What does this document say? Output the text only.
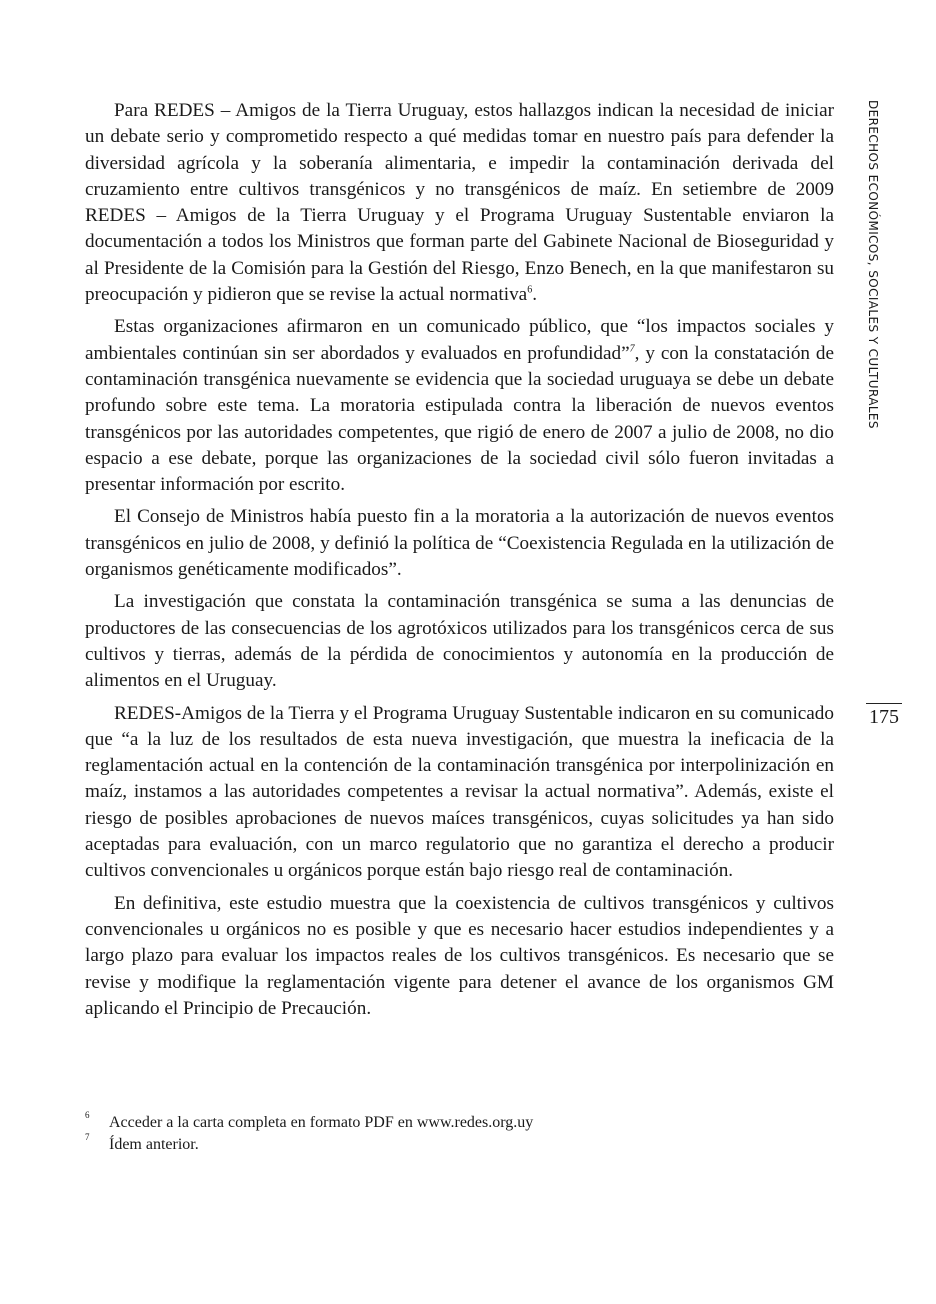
Para REDES – Amigos de la Tierra Uruguay, estos hallazgos indican la necesidad de iniciar un debate serio y comprometido respecto a qué medidas tomar en nuestro país para defender la diversidad agrícola y la soberanía alimentaria, e impedir la contaminación derivada del cruzamiento entre cultivos transgénicos y no transgénicos de maíz. En setiembre de 2009 REDES – Amigos de la Tierra Uruguay y el Programa Uruguay Sustentable enviaron la documentación a todos los Ministros que forman parte del Gabinete Nacional de Bioseguridad y al Presidente de la Comisión para la Gestión del Riesgo, Enzo Benech, en la que manifestaron su preocupación y pidieron que se revise la actual normativa$^6$.

Estas organizaciones afirmaron en un comunicado público, que “los impactos sociales y ambientales continúan sin ser abordados y evaluados en profundidad”$^7$, y con la constatación de contaminación transgénica nuevamente se evidencia que la sociedad uruguaya se debe un debate profundo sobre este tema. La moratoria estipulada contra la liberación de nuevos eventos transgénicos por las autoridades competentes, que rigió de enero de 2007 a julio de 2008, no dio espacio a ese debate, porque las organizaciones de la sociedad civil sólo fueron invitadas a presentar información por escrito.

El Consejo de Ministros había puesto fin a la moratoria a la autorización de nuevos eventos transgénicos en julio de 2008, y definió la política de “Coexistencia Regulada en la utilización de organismos genéticamente modificados”.

La investigación que constata la contaminación transgénica se suma a las denuncias de productores de las consecuencias de los agrotóxicos utilizados para los transgénicos cerca de sus cultivos y tierras, además de la pérdida de conocimientos y autonomía en la producción de alimentos en el Uruguay.

REDES-Amigos de la Tierra y el Programa Uruguay Sustentable indicaron en su comunicado que “a la luz de los resultados de esta nueva investigación, que muestra la ineficacia de la reglamentación actual en la contención de la contaminación transgénica por interpolinización en maíz, instamos a las autoridades competentes a revisar la actual normativa”. Además, existe el riesgo de posibles aprobaciones de nuevos maíces transgénicos, cuyas solicitudes ya han sido aceptadas para evaluación, con un marco regulatorio que no garantiza el derecho a producir cultivos convencionales u orgánicos porque están bajo riesgo real de contaminación.

En definitiva, este estudio muestra que la coexistencia de cultivos transgénicos y cultivos convencionales u orgánicos no es posible y que es necesario hacer estudios independientes y a largo plazo para evaluar los impactos reales de los cultivos transgénicos. Es necesario que se revise y modifique la reglamentación vigente para detener el avance de los organismos GM aplicando el Principio de Precaución.

DERECHOS ECONÓMICOS, SOCIALES Y CULTURALES
175
6 Acceder a la carta completa en formato PDF en www.redes.org.uy
7 Ídem anterior.
